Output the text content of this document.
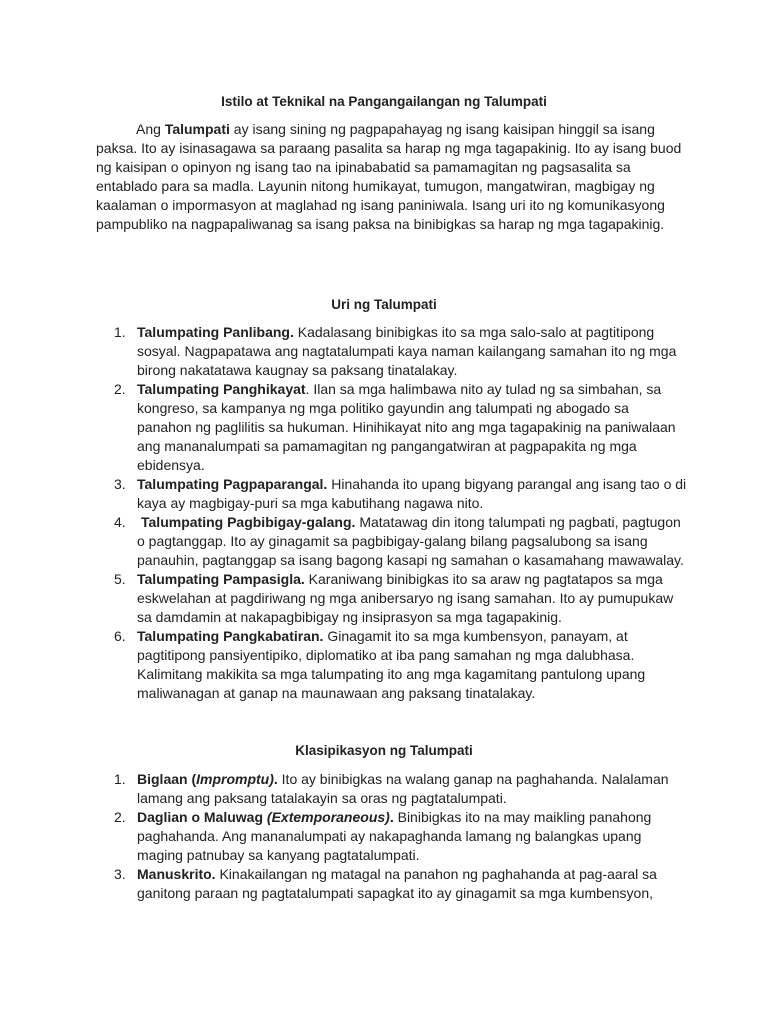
Istilo at Teknikal na Pangangailangan ng Talumpati
Ang Talumpati ay isang sining ng pagpapahayag ng isang kaisipan hinggil sa isang
paksa. Ito ay isinasagawa sa paraang pasalita sa harap ng mga tagapakinig. Ito ay isang buod
ng kaisipan o opinyon ng isang tao na ipinababatid sa pamamagitan ng pagsasalita sa
entablado para sa madla. Layunin nitong humikayat, tumugon, mangatwiran, magbigay ng
kaalaman o impormasyon at maglahad ng isang paniniwala. Isang uri ito ng komunikasyong
pampubliko na nagpapaliwanag sa isang paksa na binibigkas sa harap ng mga tagapakinig.
Uri ng Talumpati
1. Talumpating Panlibang. Kadalasang binibigkas ito sa mga salo-salo at pagtitipong
sosyal. Nagpapatawa ang nagtatalumpati kaya naman kailangang samahan ito ng mga
birong nakatatawa kaugnay sa paksang tinatalakay.
2. Talumpating Panghikayat. Ilan sa mga halimbawa nito ay tulad ng sa simbahan, sa
kongreso, sa kampanya ng mga politiko gayundin ang talumpati ng abogado sa
panahon ng paglilitis sa hukuman. Hinihikayat nito ang mga tagapakinig na paniwalaan
ang mananalumpati sa pamamagitan ng pangangatwiran at pagpapakita ng mga
ebidensya.
3. Talumpating Pagpaparangal. Hinahanda ito upang bigyang parangal ang isang tao o di
kaya ay magbigay-puri sa mga kabutihang nagawa nito.
4. Talumpating Pagbibigay-galang. Matatawag din itong talumpati ng pagbati, pagtugon
o pagtanggap. Ito ay ginagamit sa pagbibigay-galang bilang pagsalubong sa isang
panauhin, pagtanggap sa isang bagong kasapi ng samahan o kasamahang mawawalay.
5. Talumpating Pampasigla. Karaniwang binibigkas ito sa araw ng pagtatapos sa mga
eskwelahan at pagdiriwang ng mga anibersaryo ng isang samahan. Ito ay pumupukaw
sa damdamin at nakapagbibigay ng insiprasyon sa mga tagapakinig.
6. Talumpating Pangkabatiran. Ginagamit ito sa mga kumbensyon, panayam, at
pagtitipong pansiyentipiko, diplomatiko at iba pang samahan ng mga dalubhasa.
Kalimitang makikita sa mga talumpating ito ang mga kagamitang pantulong upang
maliwanagan at ganap na maunawaan ang paksang tinatalakay.
Klasipikasyon ng Talumpati
1. Biglaan (Impromptu). Ito ay binibigkas na walang ganap na paghahanda. Nalalaman
lamang ang paksang tatalakayin sa oras ng pagtatalumpati.
2. Daglian o Maluwag (Extemporaneous). Binibigkas ito na may maikling panahong
paghahanda. Ang mananalumpati ay nakapaghanda lamang ng balangkas upang
maging patnubay sa kanyang pagtatalumpati.
3. Manuskrito. Kinakailangan ng matagal na panahon ng paghahanda at pag-aaral sa
ganitong paraan ng pagtatalumpati sapagkat ito ay ginagamit sa mga kumbensyon,
